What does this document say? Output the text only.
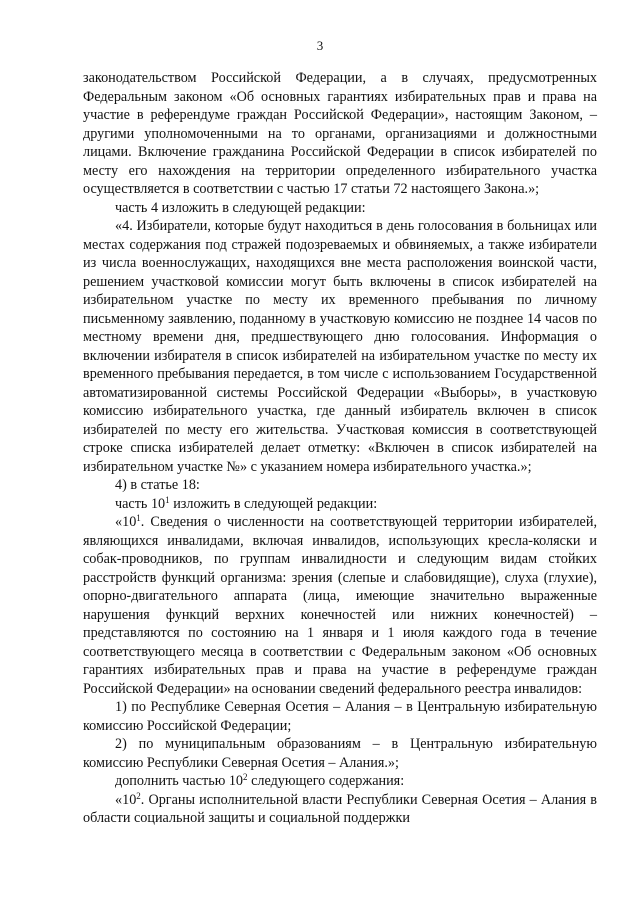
3

законодательством Российской Федерации, а в случаях, предусмотренных Федеральным законом «Об основных гарантиях избирательных прав и права на участие в референдуме граждан Российской Федерации», настоящим Законом, – другими уполномоченными на то органами, организациями и должностными лицами. Включение гражданина Российской Федерации в список избирателей по месту его нахождения на территории определенного избирательного участка осуществляется в соответствии с частью 17 статьи 72 настоящего Закона.»;

часть 4 изложить в следующей редакции:

«4. Избиратели, которые будут находиться в день голосования в больницах или местах содержания под стражей подозреваемых и обвиняемых, а также избиратели из числа военнослужащих, находящихся вне места расположения воинской части, решением участковой комиссии могут быть включены в список избирателей на избирательном участке по месту их временного пребывания по личному письменному заявлению, поданному в участковую комиссию не позднее 14 часов по местному времени дня, предшествующего дню голосования. Информация о включении избирателя в список избирателей на избирательном участке по месту их временного пребывания передается, в том числе с использованием Государственной автоматизированной системы Российской Федерации «Выборы», в участковую комиссию избирательного участка, где данный избиратель включен в список избирателей по месту его жительства. Участковая комиссия в соответствующей строке списка избирателей делает отметку: «Включен в список избирателей на избирательном участке №» с указанием номера избирательного участка.»;

4) в статье 18:

часть $10^1$ изложить в следующей редакции:

«$10^1$. Сведения о численности на соответствующей территории избирателей, являющихся инвалидами, включая инвалидов, использующих кресла-коляски и собак-проводников, по группам инвалидности и следующим видам стойких расстройств функций организма: зрения (слепые и слабовидящие), слуха (глухие), опорно-двигательного аппарата (лица, имеющие значительно выраженные нарушения функций верхних конечностей или нижних конечностей) – представляются по состоянию на 1 января и 1 июля каждого года в течение соответствующего месяца в соответствии с Федеральным законом «Об основных гарантиях избирательных прав и права на участие в референдуме граждан Российской Федерации» на основании сведений федерального реестра инвалидов:

1) по Республике Северная Осетия – Алания – в Центральную избирательную комиссию Российской Федерации;

2) по муниципальным образованиям – в Центральную избирательную комиссию Республики Северная Осетия – Алания.»;

дополнить частью $10^2$ следующего содержания:

«$10^2$. Органы исполнительной власти Республики Северная Осетия – Алания в области социальной защиты и социальной поддержки
